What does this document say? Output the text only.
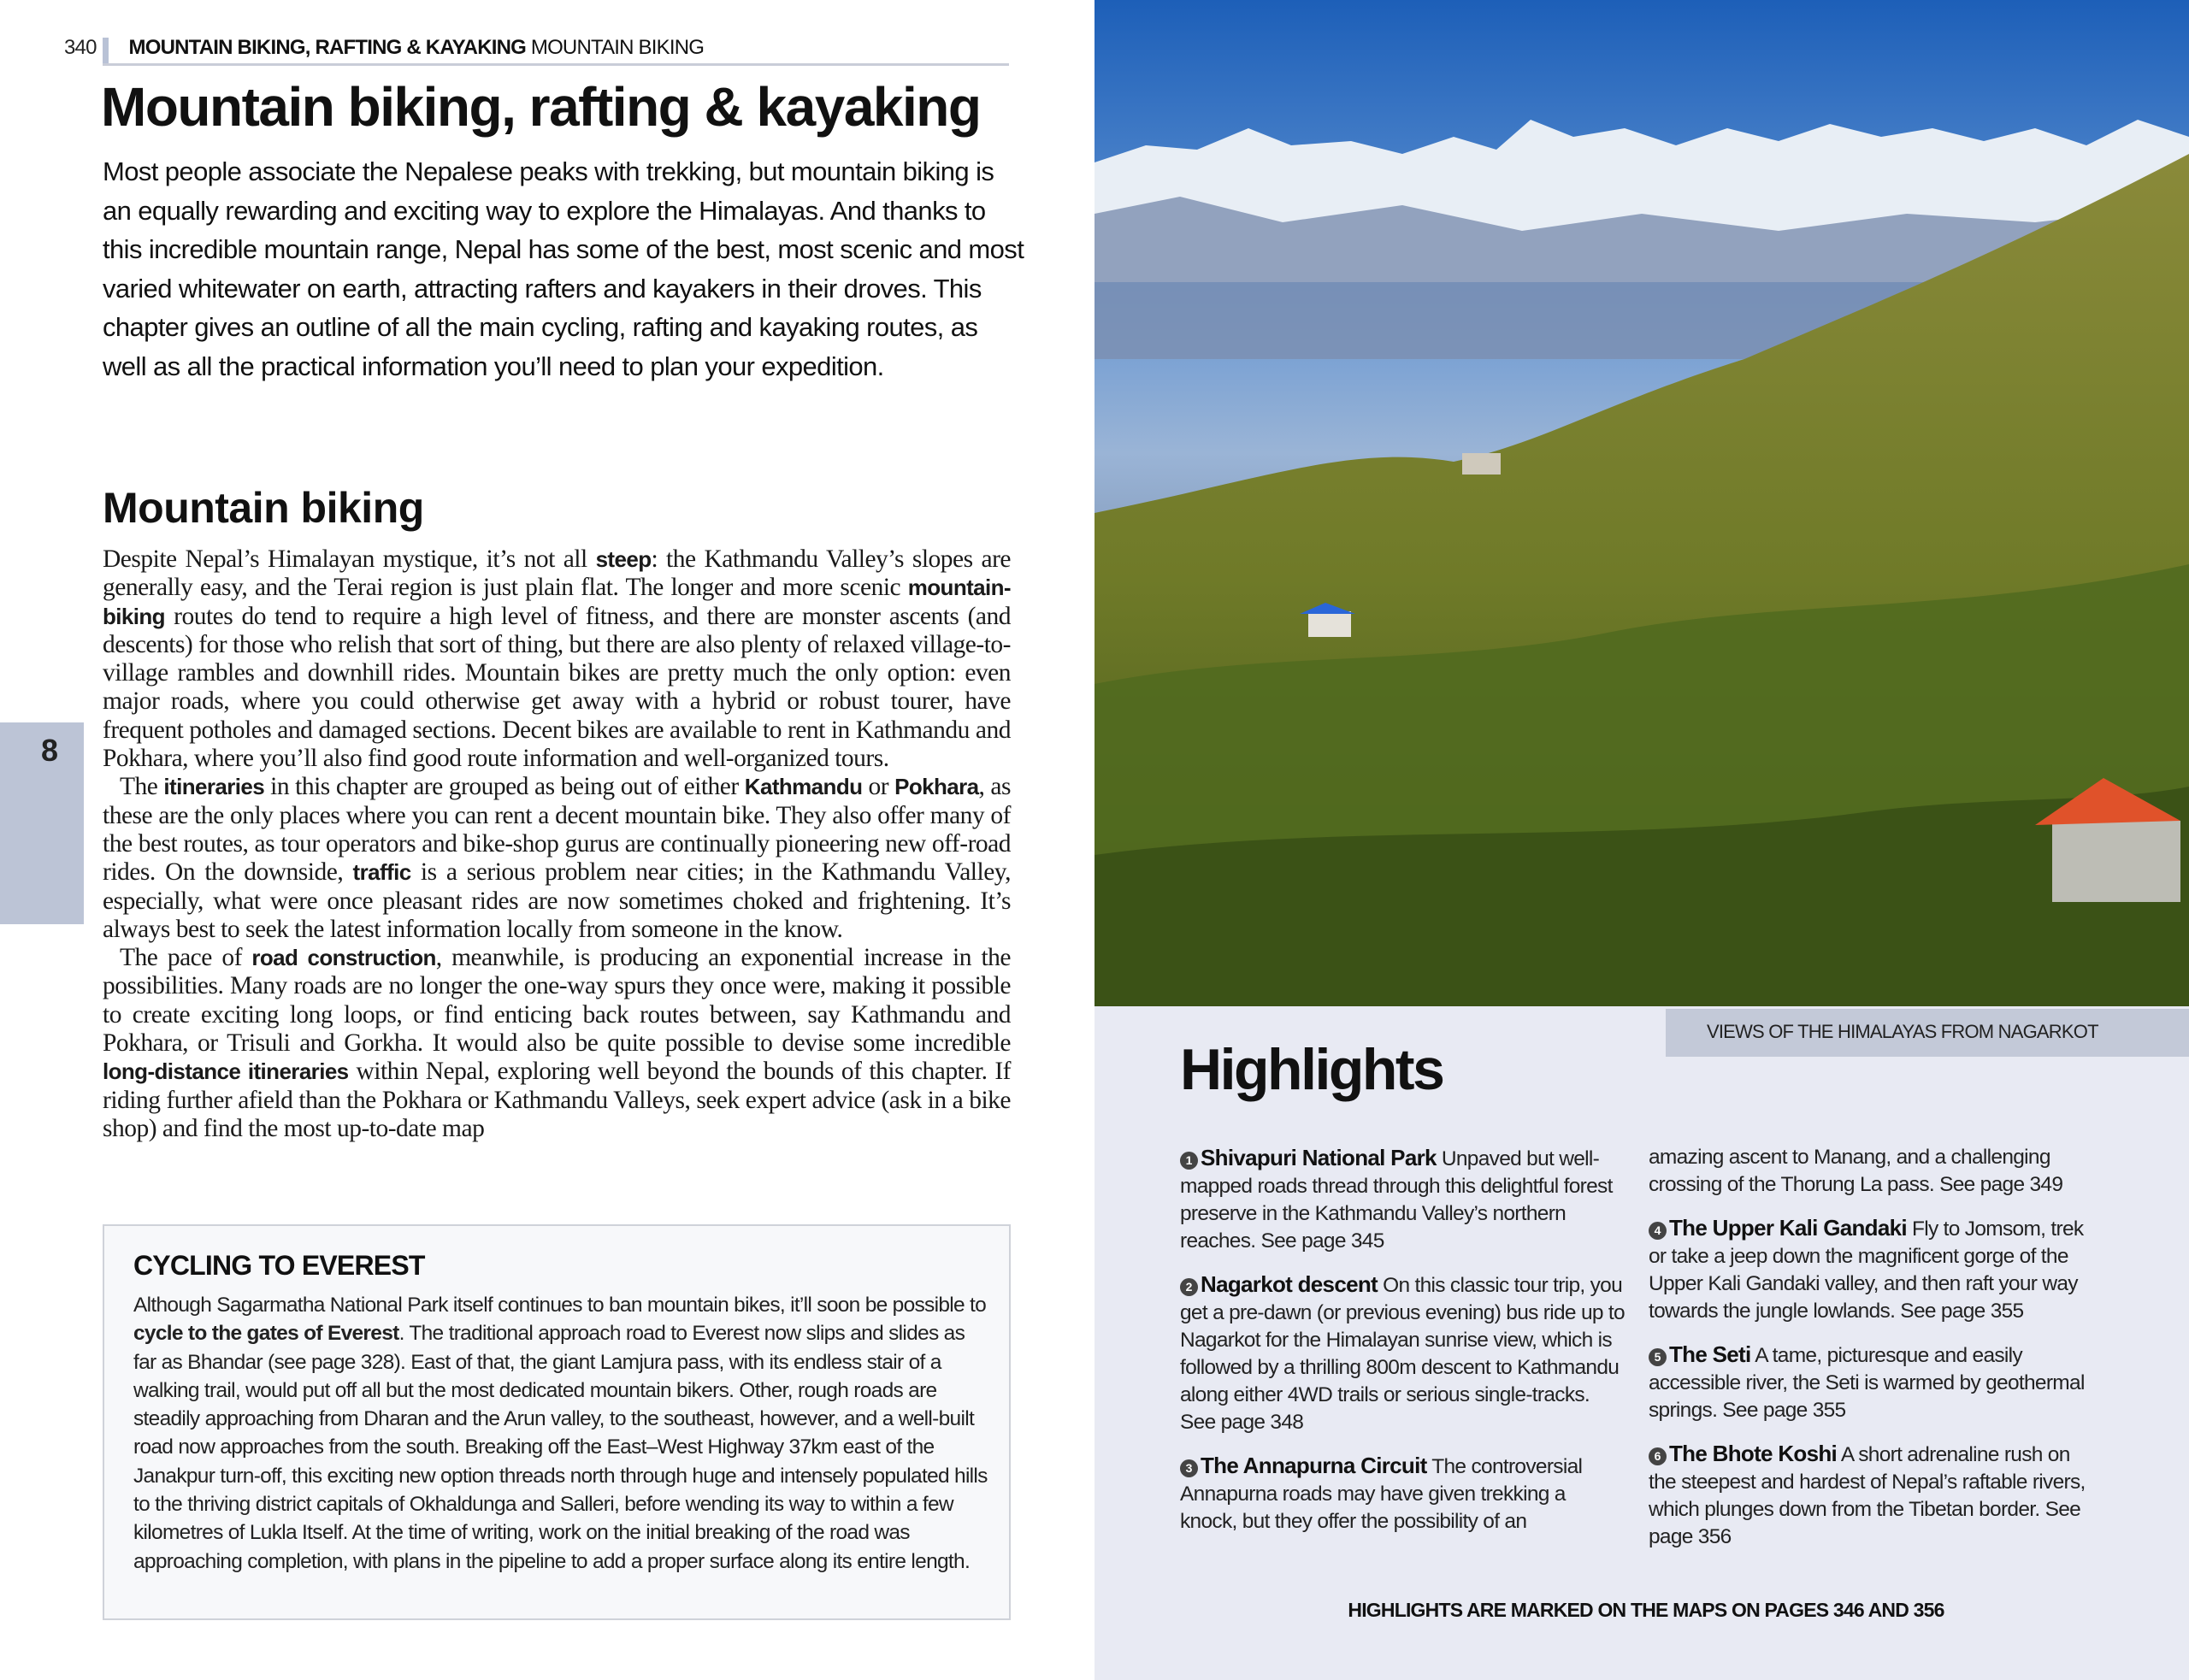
340 MOUNTAIN BIKING, RAFTING & KAYAKING MOUNTAIN BIKING
Mountain biking, rafting & kayaking

Most people associate the Nepalese peaks with trekking, but mountain biking is an equally rewarding and exciting way to explore the Himalayas. And thanks to this incredible mountain range, Nepal has some of the best, most scenic and most varied whitewater on earth, attracting rafters and kayakers in their droves. This chapter gives an outline of all the main cycling, rafting and kayaking routes, as well as all the practical information you’ll need to plan your expedition.

Mountain biking

Despite Nepal’s Himalayan mystique, it’s not all steep: the Kathmandu Valley’s slopes are generally easy, and the Terai region is just plain flat. The longer and more scenic mountain-biking routes do tend to require a high level of fitness, and there are monster ascents (and descents) for those who relish that sort of thing, but there are also plenty of relaxed village-to-village rambles and downhill rides. Mountain bikes are pretty much the only option: even major roads, where you could otherwise get away with a hybrid or robust tourer, have frequent potholes and damaged sections. Decent bikes are available to rent in Kathmandu and Pokhara, where you’ll also find good route information and well-organized tours.

The itineraries in this chapter are grouped as being out of either Kathmandu or Pokhara, as these are the only places where you can rent a decent mountain bike. They also offer many of the best routes, as tour operators and bike-shop gurus are continually pioneering new off-road rides. On the downside, traffic is a serious problem near cities; in the Kathmandu Valley, especially, what were once pleasant rides are now sometimes choked and frightening. It’s always best to seek the latest information locally from someone in the know.

The pace of road construction, meanwhile, is producing an exponential increase in the possibilities. Many roads are no longer the one-way spurs they once were, making it possible to create exciting long loops, or find enticing back routes between, say Kathmandu and Pokhara, or Trisuli and Gorkha. It would also be quite possible to devise some incredible long-distance itineraries within Nepal, exploring well beyond the bounds of this chapter. If riding further afield than the Pokhara or Kathmandu Valleys, seek expert advice (ask in a bike shop) and find the most up-to-date map

8
CYCLING TO EVEREST
Although Sagarmatha National Park itself continues to ban mountain bikes, it’ll soon be possible to cycle to the gates of Everest. The traditional approach road to Everest now slips and slides as far as Bhandar (see page 328). East of that, the giant Lamjura pass, with its endless stair of a walking trail, would put off all but the most dedicated mountain bikers. Other, rough roads are steadily approaching from Dharan and the Arun valley, to the southeast, however, and a well-built road now approaches from the south. Breaking off the East–West Highway 37km east of the Janakpur turn-off, this exciting new option threads north through huge and intensely populated hills to the thriving district capitals of Okhaldunga and Salleri, before wending its way to within a few kilometres of Lukla Itself. At the time of writing, work on the initial breaking of the road was approaching completion, with plans in the pipeline to add a proper surface along its entire length.
VIEWS OF THE HIMALAYAS FROM NAGARKOT
Highlights
1 Shivapuri National Park Unpaved but well-mapped roads thread through this delightful forest preserve in the Kathmandu Valley’s northern reaches. See page 345
2 Nagarkot descent On this classic tour trip, you get a pre-dawn (or previous evening) bus ride up to Nagarkot for the Himalayan sunrise view, which is followed by a thrilling 800m descent to Kathmandu along either 4WD trails or serious single-tracks. See page 348
3 The Annapurna Circuit The controversial Annapurna roads may have given trekking a knock, but they offer the possibility of an
amazing ascent to Manang, and a challenging crossing of the Thorung La pass. See page 349
4 The Upper Kali Gandaki Fly to Jomsom, trek or take a jeep down the magnificent gorge of the Upper Kali Gandaki valley, and then raft your way towards the jungle lowlands. See page 355
5 The Seti A tame, picturesque and easily accessible river, the Seti is warmed by geothermal springs. See page 355
6 The Bhote Koshi A short adrenaline rush on the steepest and hardest of Nepal’s raftable rivers, which plunges down from the Tibetan border. See page 356
HIGHLIGHTS ARE MARKED ON THE MAPS ON PAGES 346 AND 356
